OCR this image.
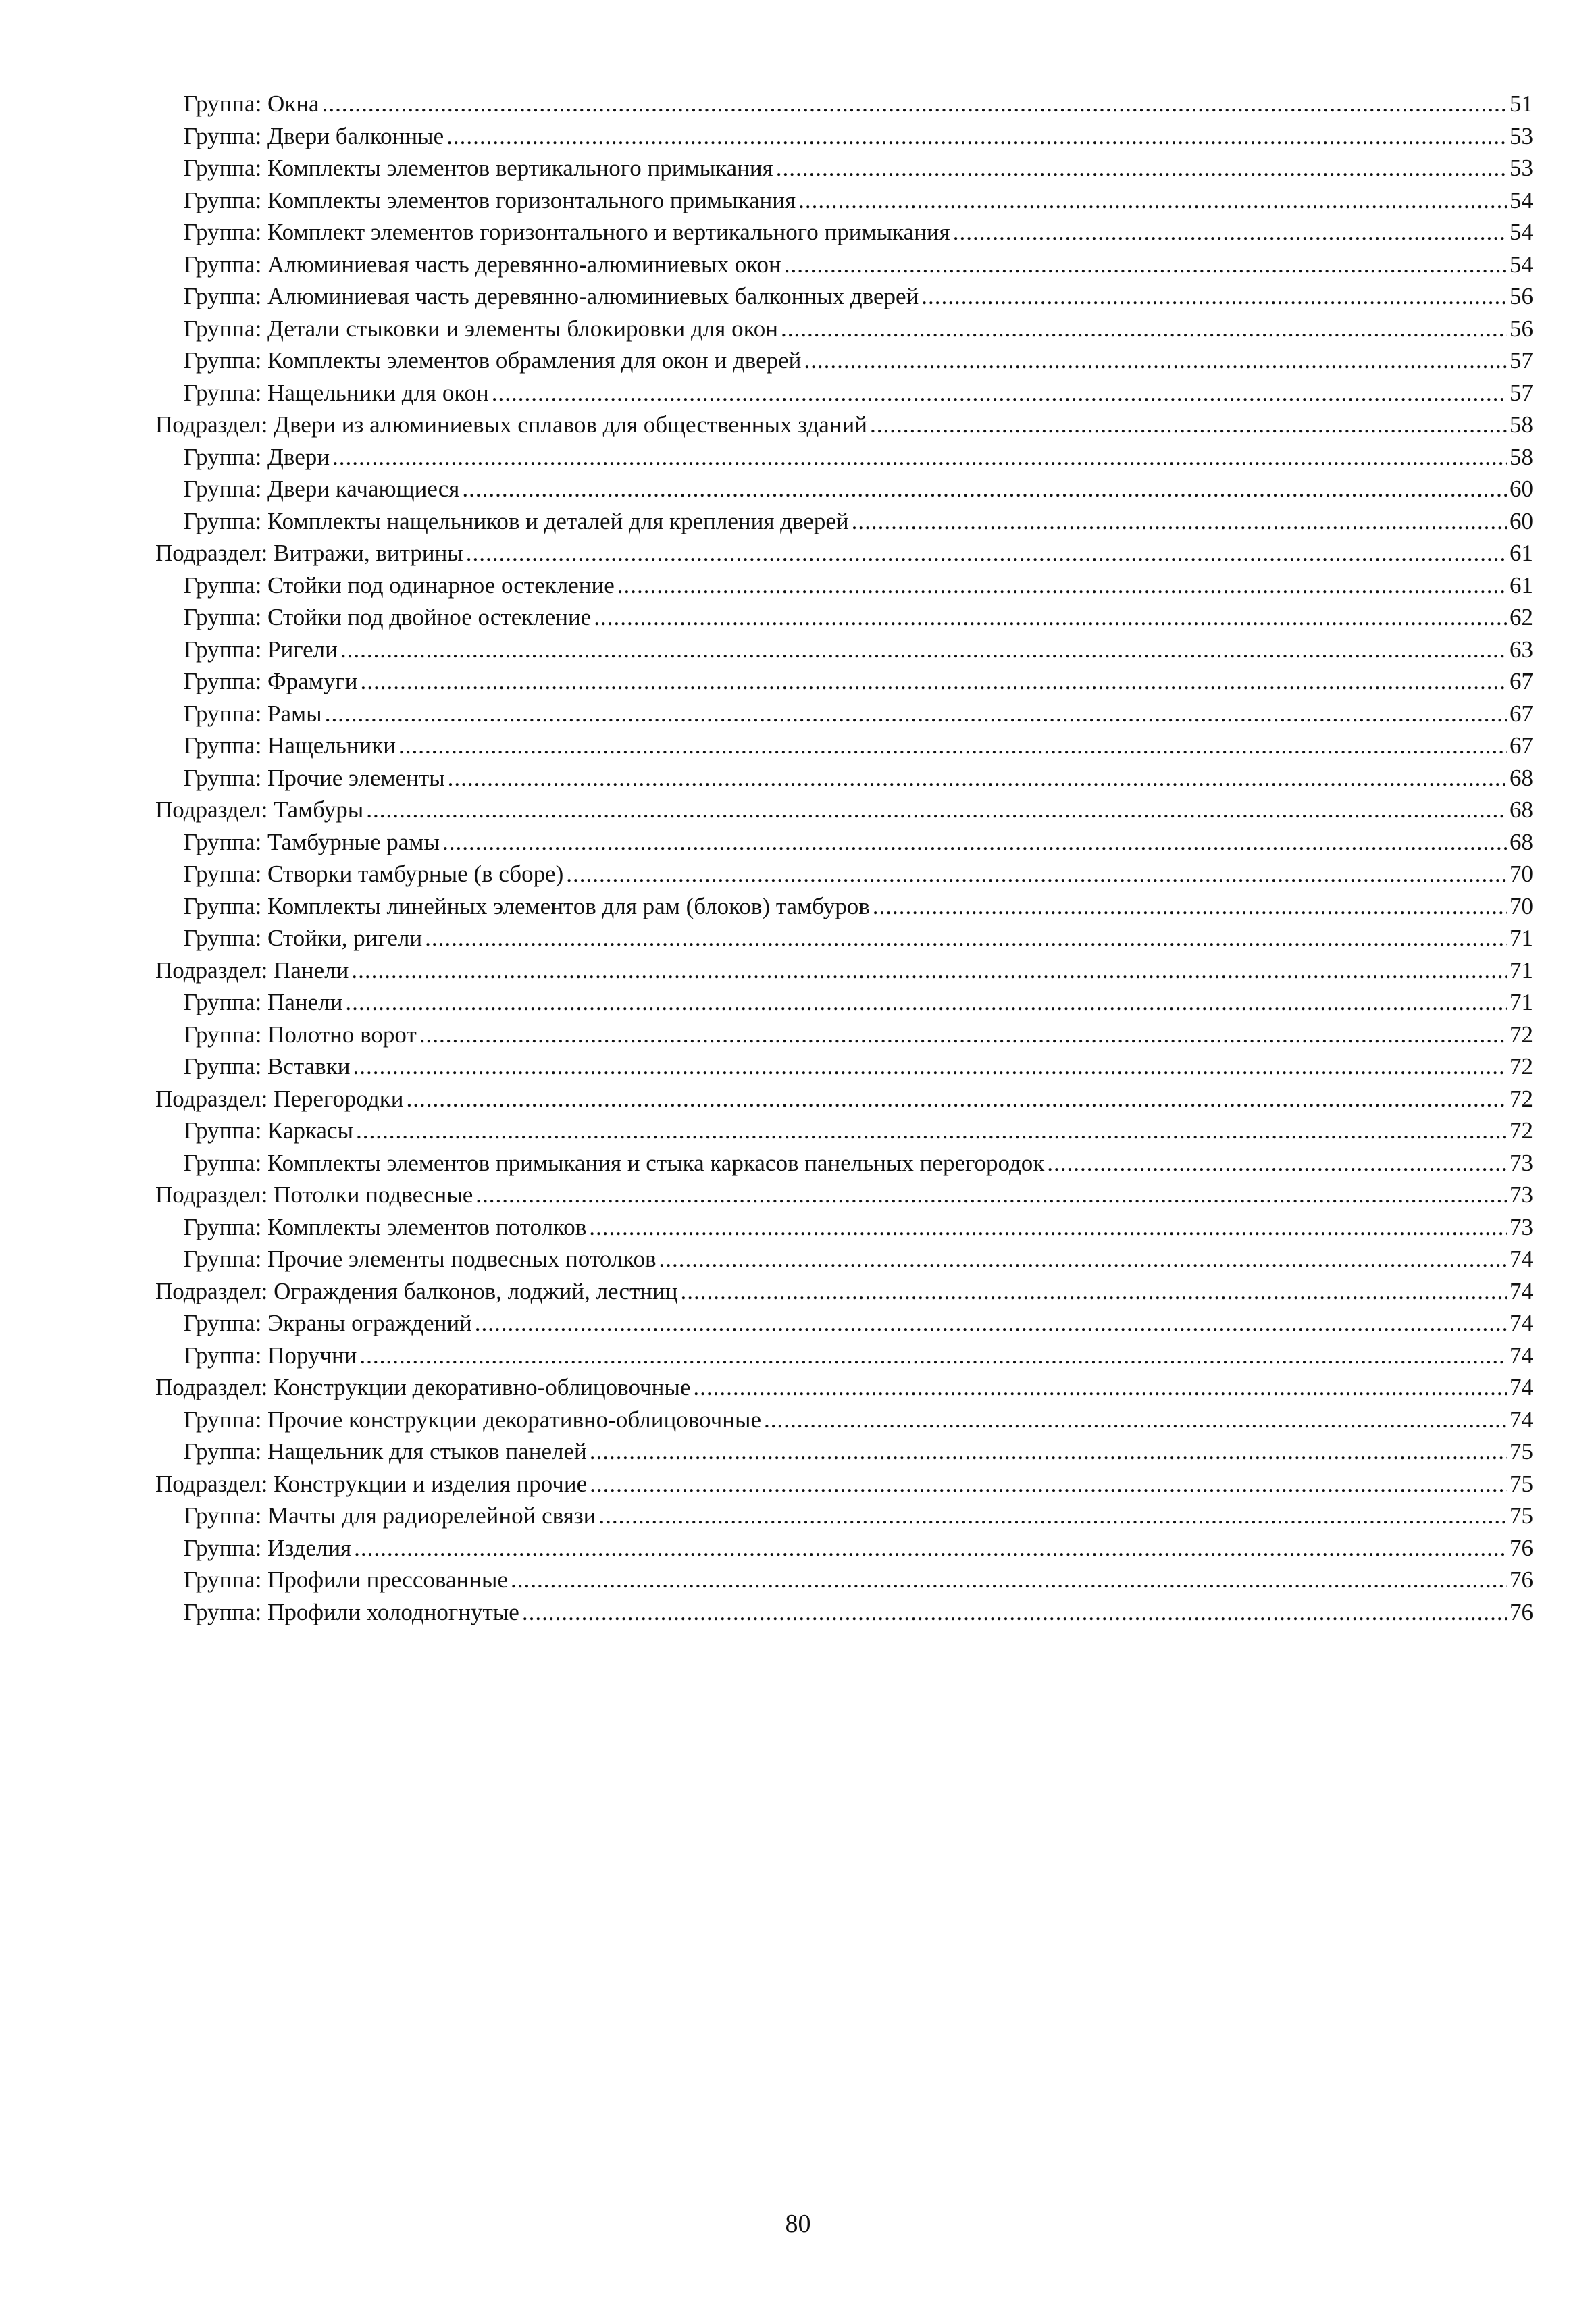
Группа: Окна .....	51
Группа: Двери балконные .....	53
Группа: Комплекты элементов вертикального примыкания .....	53
Группа: Комплекты элементов горизонтального примыкания .....	54
Группа: Комплект элементов горизонтального и вертикального примыкания .....	54
Группа: Алюминиевая часть деревянно-алюминиевых окон .....	54
Группа: Алюминиевая часть деревянно-алюминиевых балконных дверей .....	56
Группа: Детали стыковки и элементы блокировки для окон .....	56
Группа: Комплекты элементов обрамления для окон и дверей .....	57
Группа: Нащельники для окон .....	57
Подраздел: Двери из алюминиевых сплавов для общественных зданий .....	58
Группа: Двери .....	58
Группа: Двери качающиеся .....	60
Группа: Комплекты нащельников и деталей для крепления дверей .....	60
Подраздел: Витражи, витрины .....	61
Группа: Стойки под одинарное остекление .....	61
Группа: Стойки под двойное остекление .....	62
Группа: Ригели .....	63
Группа: Фрамуги .....	67
Группа: Рамы .....	67
Группа: Нащельники .....	67
Группа: Прочие элементы .....	68
Подраздел: Тамбуры .....	68
Группа: Тамбурные рамы .....	68
Группа: Створки тамбурные (в сборе) .....	70
Группа: Комплекты линейных элементов для рам (блоков) тамбуров .....	70
Группа: Стойки, ригели .....	71
Подраздел: Панели .....	71
Группа: Панели .....	71
Группа: Полотно ворот .....	72
Группа: Вставки .....	72
Подраздел: Перегородки .....	72
Группа: Каркасы .....	72
Группа: Комплекты элементов примыкания и стыка каркасов панельных перегородок .....	73
Подраздел: Потолки подвесные .....	73
Группа: Комплекты элементов потолков .....	73
Группа: Прочие элементы подвесных потолков .....	74
Подраздел: Ограждения балконов, лоджий, лестниц .....	74
Группа: Экраны ограждений .....	74
Группа: Поручни .....	74
Подраздел: Конструкции декоративно-облицовочные .....	74
Группа: Прочие конструкции декоративно-облицовочные .....	74
Группа: Нащельник для стыков панелей .....	75
Подраздел: Конструкции и изделия прочие .....	75
Группа: Мачты для радиорелейной связи .....	75
Группа: Изделия .....	76
Группа: Профили прессованные .....	76
Группа: Профили холодногнутые .....	76
80
